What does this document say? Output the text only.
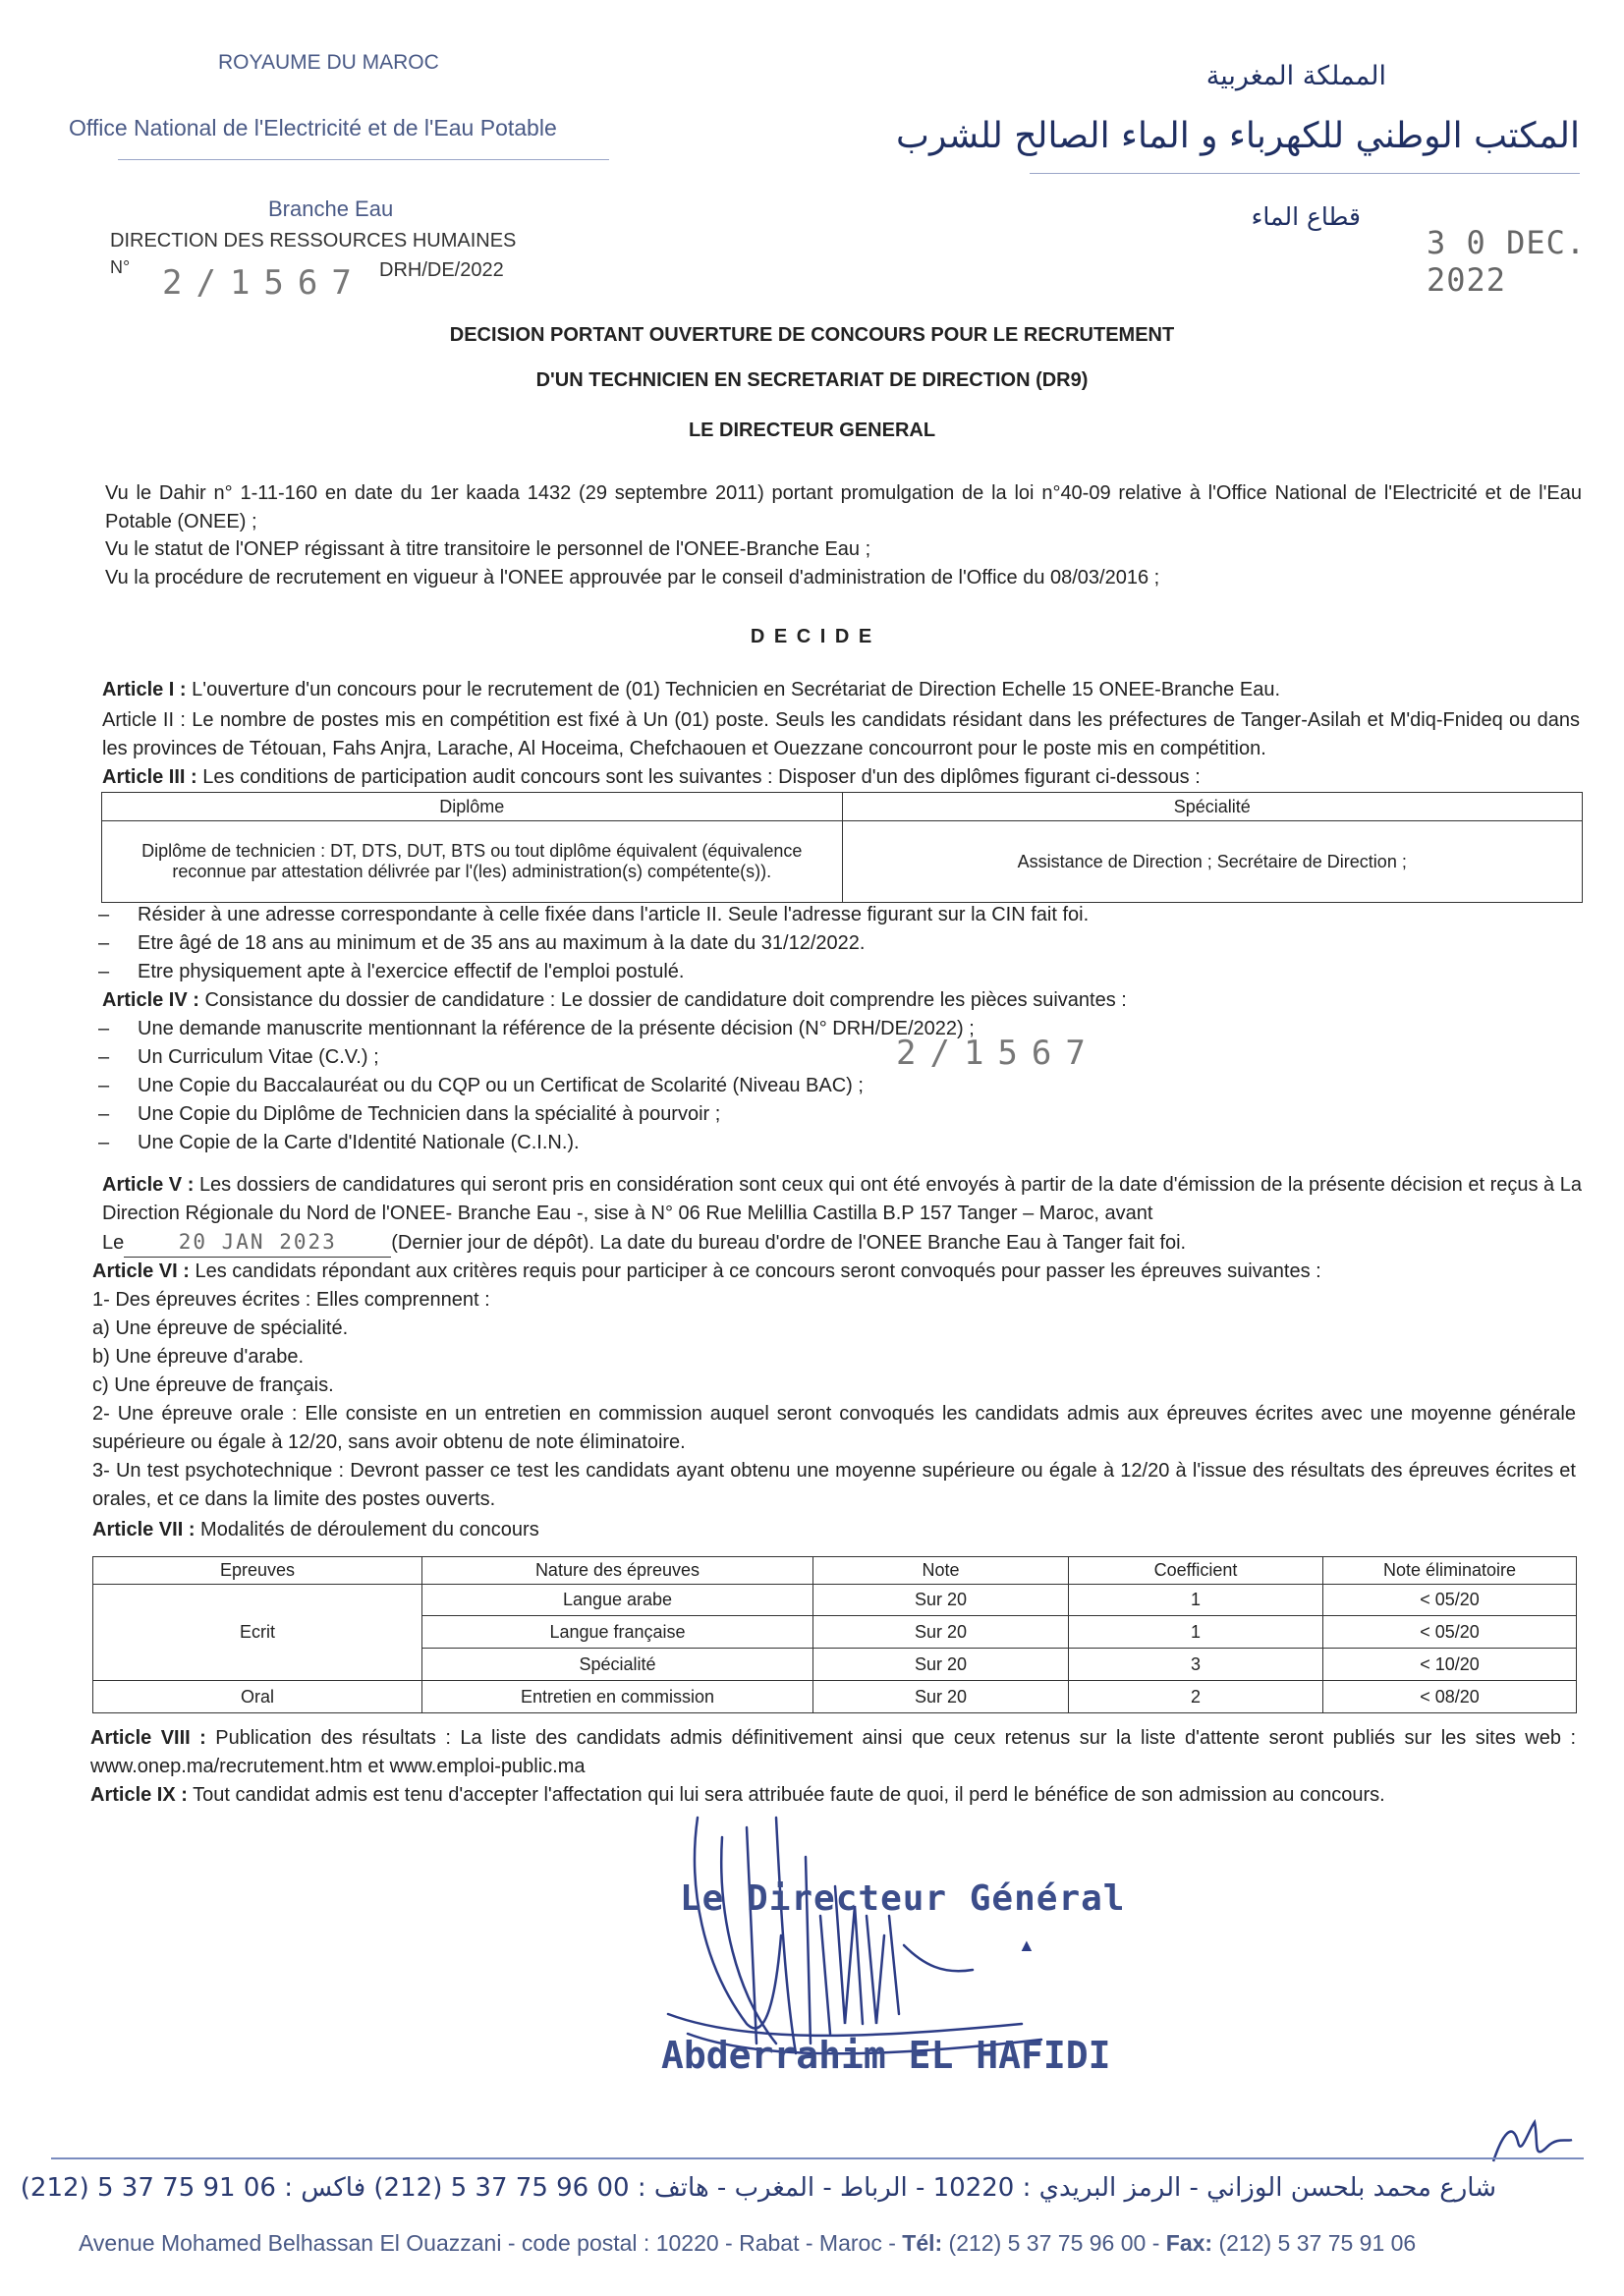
ROYAUME DU MAROC
Office National de l'Electricité et de l'Eau Potable
المملكة المغربية
المكتب الوطني للكهرباء و الماء الصالح للشرب
Branche Eau
DIRECTION DES RESSOURCES HUMAINES
N° 2/1567 DRH/DE/2022
قطاع الماء
3 0 DEC. 2022
DECISION PORTANT OUVERTURE DE CONCOURS POUR LE RECRUTEMENT
D'UN TECHNICIEN EN SECRETARIAT DE DIRECTION (DR9)
LE DIRECTEUR GENERAL
Vu le Dahir n° 1-11-160 en date du 1er kaada 1432 (29 septembre 2011) portant promulgation de la loi n°40-09 relative à l'Office National de l'Electricité et de l'Eau Potable (ONEE) ;
Vu le statut de l'ONEP régissant à titre transitoire le personnel de l'ONEE-Branche Eau ;
Vu la procédure de recrutement en vigueur à l'ONEE approuvée par le conseil d'administration de l'Office du 08/03/2016 ;
D E C I D E
Article I : L'ouverture d'un concours pour le recrutement de (01) Technicien en Secrétariat de Direction Echelle 15 ONEE-Branche Eau.
Article II : Le nombre de postes mis en compétition est fixé à Un (01) poste. Seuls les candidats résidant dans les préfectures de Tanger-Asilah et M'diq-Fnideq ou dans les provinces de Tétouan, Fahs Anjra, Larache, Al Hoceima, Chefchaouen et Ouezzane concourront pour le poste mis en compétition.
Article III : Les conditions de participation audit concours sont les suivantes : Disposer d'un des diplômes figurant ci-dessous :
Diplôme	Spécialité
Diplôme de technicien : DT, DTS, DUT, BTS ou tout diplôme équivalent (équivalence reconnue par attestation délivrée par l'(les) administration(s) compétente(s)).	Assistance de Direction ; Secrétaire de Direction ;
– Résider à une adresse correspondante à celle fixée dans l'article II. Seule l'adresse figurant sur la CIN fait foi.
– Etre âgé de 18 ans au minimum et de 35 ans au maximum à la date du 31/12/2022.
– Etre physiquement apte à l'exercice effectif de l'emploi postulé.
Article IV : Consistance du dossier de candidature : Le dossier de candidature doit comprendre les pièces suivantes :
– Une demande manuscrite mentionnant la référence de la présente décision (N° DRH/DE/2022) ;
– Un Curriculum Vitae (C.V.) ;
– Une Copie du Baccalauréat ou du CQP ou un Certificat de Scolarité (Niveau BAC) ;
– Une Copie du Diplôme de Technicien dans la spécialité à pourvoir ;
– Une Copie de la Carte d'Identité Nationale (C.I.N.).
2/1567
Article V : Les dossiers de candidatures qui seront pris en considération sont ceux qui ont été envoyés à partir de la date d'émission de la présente décision et reçus à La Direction Régionale du Nord de l'ONEE- Branche Eau -, sise à N° 06 Rue Melillia Castilla B.P 157 Tanger – Maroc, avant
Le	20 JAN 2023	(Dernier jour de dépôt). La date du bureau d'ordre de l'ONEE Branche Eau à Tanger fait foi.
Article VI : Les candidats répondant aux critères requis pour participer à ce concours seront convoqués pour passer les épreuves suivantes :
1- Des épreuves écrites : Elles comprennent :
a) Une épreuve de spécialité.
b) Une épreuve d'arabe.
c) Une épreuve de français.
2- Une épreuve orale : Elle consiste en un entretien en commission auquel seront convoqués les candidats admis aux épreuves écrites avec une moyenne générale supérieure ou égale à 12/20, sans avoir obtenu de note éliminatoire.
3- Un test psychotechnique : Devront passer ce test les candidats ayant obtenu une moyenne supérieure ou égale à 12/20 à l'issue des résultats des épreuves écrites et orales, et ce dans la limite des postes ouverts.
Article VII : Modalités de déroulement du concours
Epreuves	Nature des épreuves	Note	Coefficient	Note éliminatoire
Ecrit	Langue arabe	Sur 20	1	< 05/20
	Langue française	Sur 20	1	< 05/20
	Spécialité	Sur 20	3	< 10/20
Oral	Entretien en commission	Sur 20	2	< 08/20
Article VIII : Publication des résultats : La liste des candidats admis définitivement ainsi que ceux retenus sur la liste d'attente seront publiés sur les sites web : www.onep.ma/recrutement.htm et www.emploi-public.ma
Article IX : Tout candidat admis est tenu d'accepter l'affectation qui lui sera attribuée faute de quoi, il perd le bénéfice de son admission au concours.
Le Directeur Général
▲
Abderrahim EL HAFIDI
شارع محمد بلحسن الوزاني - الرمز البريدي : 10220 - الرباط - المغرب - هاتف : 00 96 75 37 5 (212) فاكس : 06 91 75 37 5 (212)
Avenue Mohamed Belhassan El Ouazzani - code postal : 10220 - Rabat - Maroc - Tél: (212) 5 37 75 96 00 - Fax: (212) 5 37 75 91 06
